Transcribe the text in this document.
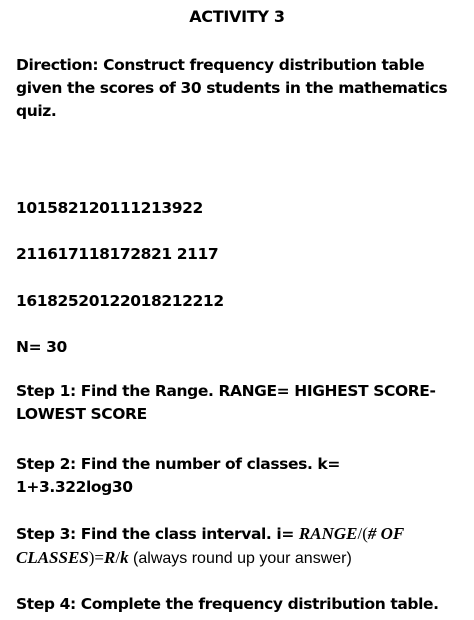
ACTIVITY 3
Direction: Construct frequency distribution table
given the scores of 30 students in the mathematics
quiz.
101582120111213922
211617118172821 2117
16182520122018212212
N= 30
Step 1: Find the Range. RANGE= HIGHEST SCORE-
LOWEST SCORE
Step 2: Find the number of classes. k=
1+3.322log30
Step 3: Find the class interval. i= RANGE/(# OF
CLASSES)=R/k (always round up your answer)
Step 4: Complete the frequency distribution table.
